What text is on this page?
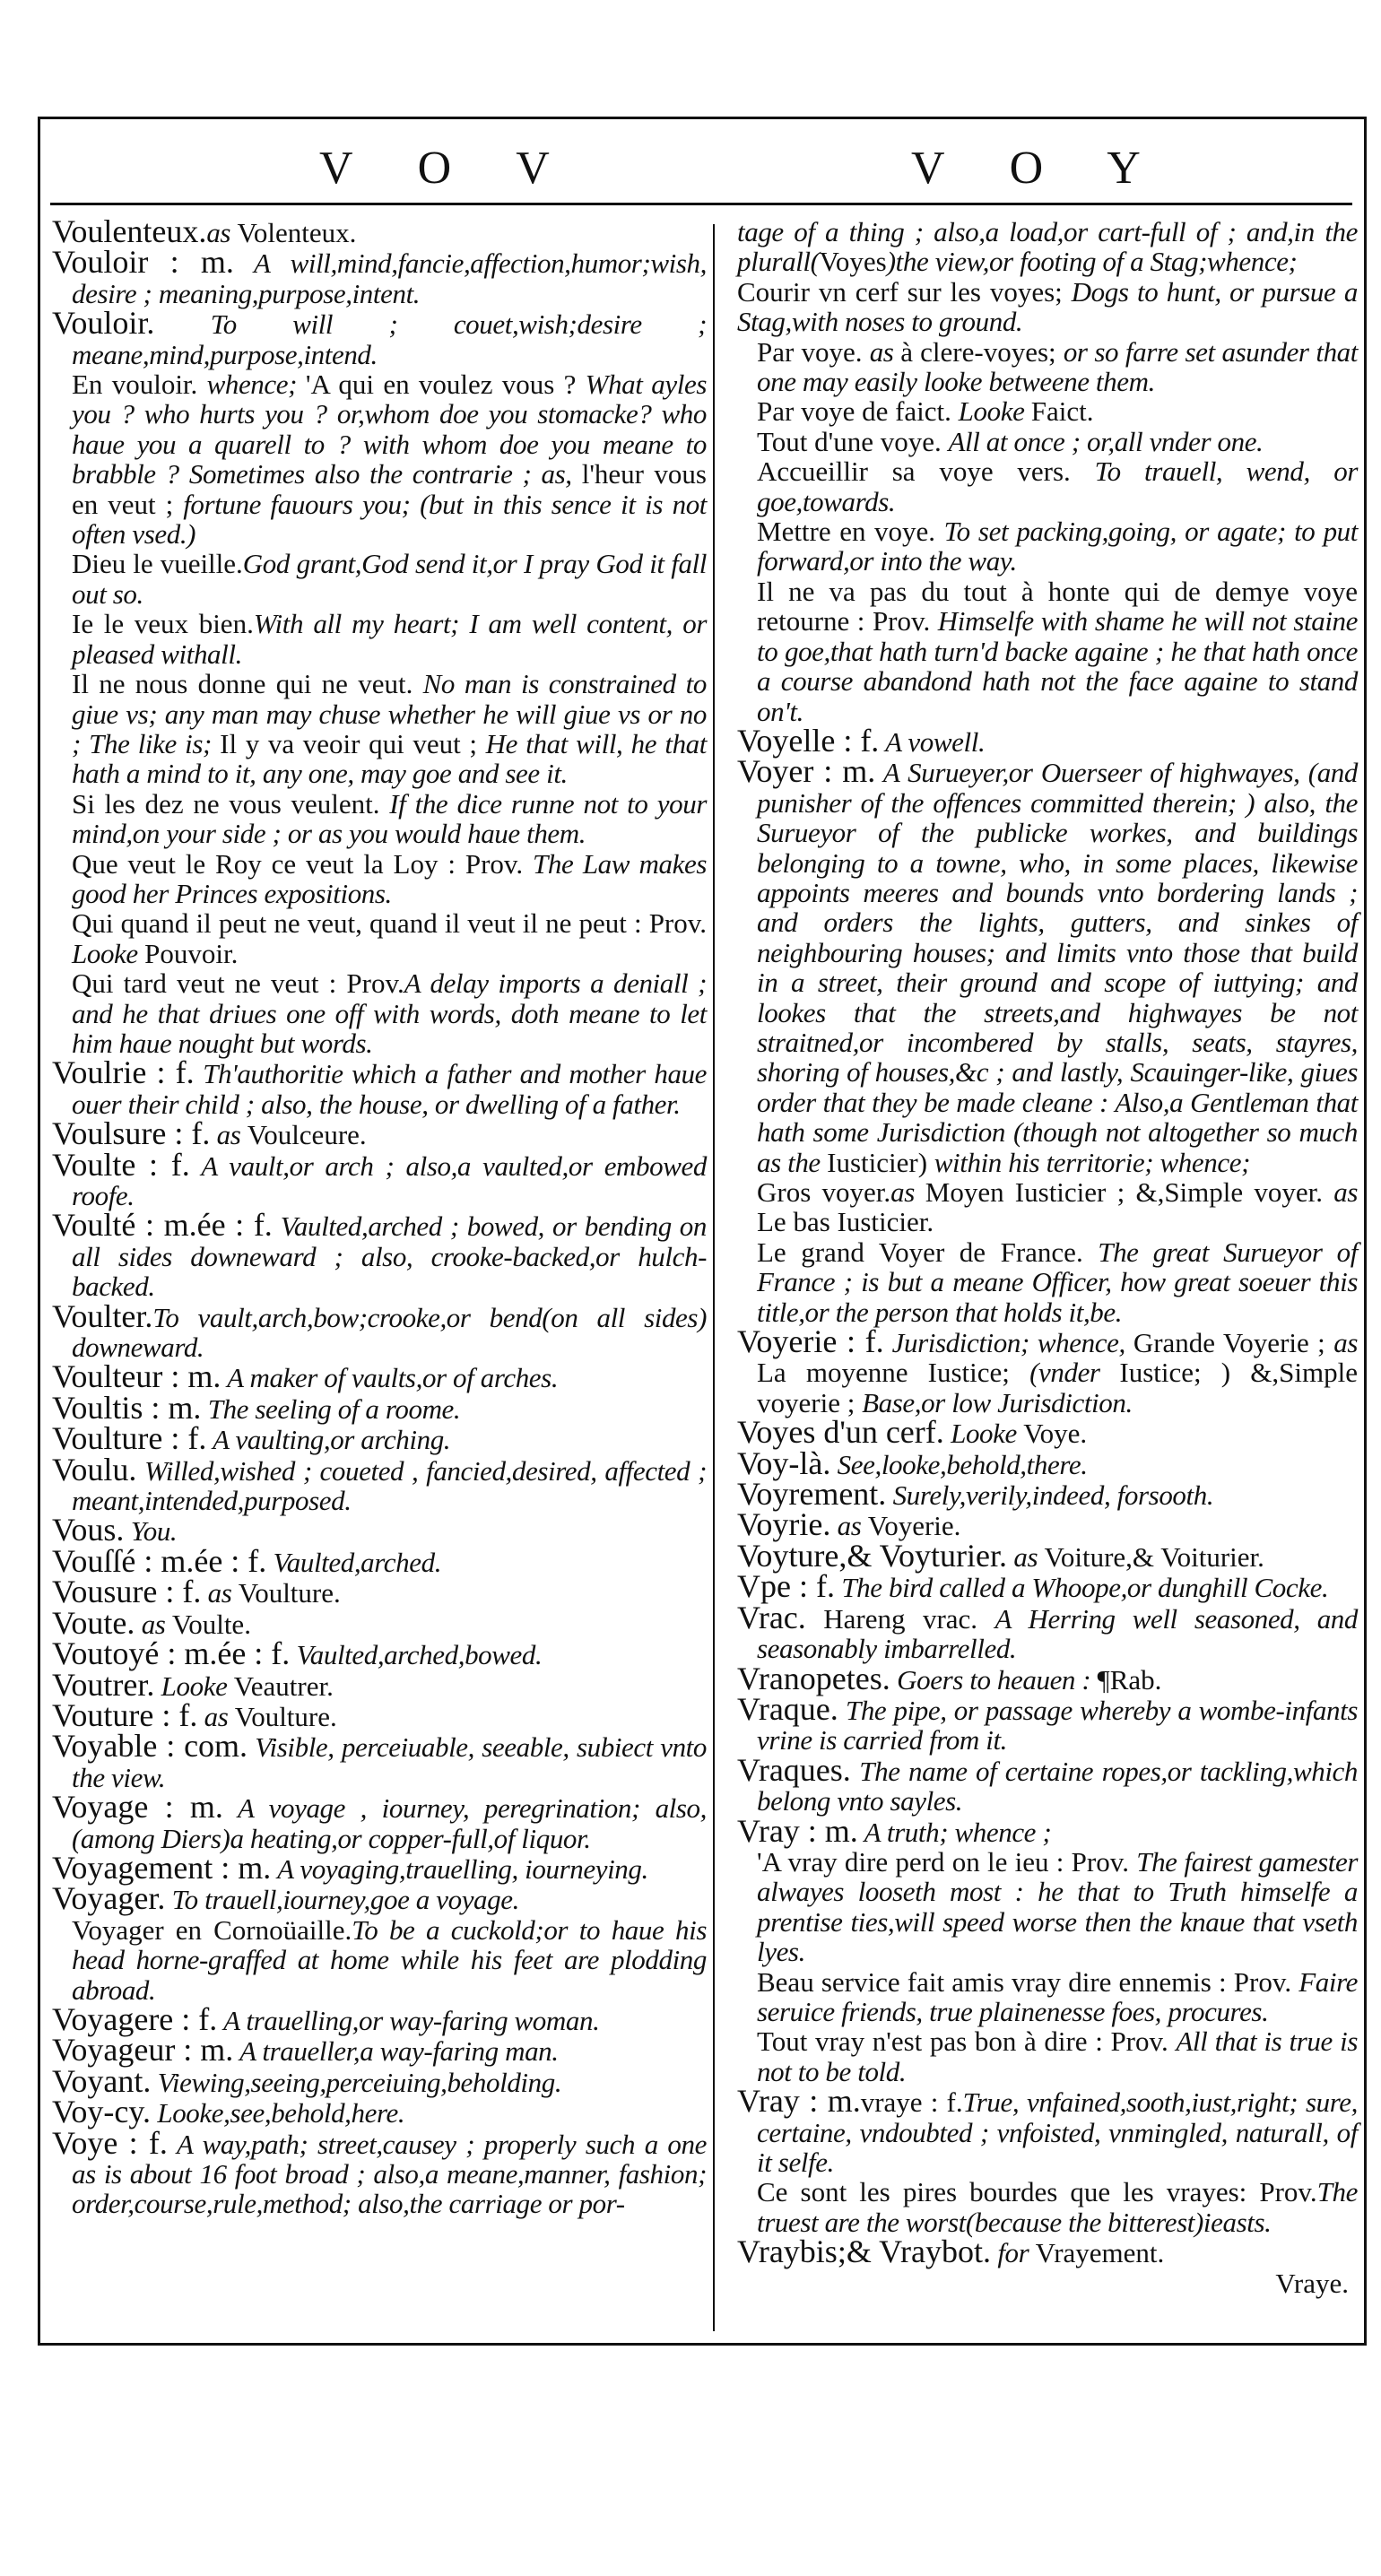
V O V	V O Y

Voulenteux.as Volenteux.

Vouloir : m. A will,mind,fancie,affection,humor;wish, desire ; meaning,purpose,intent.

Vouloir. To will ; couet,wish;desire ; meane,mind,purpose,intend.

En vouloir. whence; 'A qui en voulez vous ? What ayles you ? who hurts you ? or,whom doe you stomacke? who haue you a quarell to ? with whom doe you meane to brabble ? Sometimes also the contrarie ; as, l'heur vous en veut ; fortune fauours you; (but in this sence it is not often vsed.)

Dieu le vueille.God grant,God send it,or I pray God it fall out so.

Ie le veux bien.With all my heart; I am well content, or pleased withall.

Il ne nous donne qui ne veut. No man is constrained to giue vs; any man may chuse whether he will giue vs or no ; The like is; Il y va veoir qui veut ; He that will, he that hath a mind to it, any one, may goe and see it.

Si les dez ne vous veulent. If the dice runne not to your mind,on your side ; or as you would haue them.

Que veut le Roy ce veut la Loy : Prov. The Law makes good her Princes expositions.

Qui quand il peut ne veut, quand il veut il ne peut : Prov. Looke Pouvoir.

Qui tard veut ne veut : Prov.A delay imports a deniall ; and he that driues one off with words, doth meane to let him haue nought but words.

Voulrie : f. Th'authoritie which a father and mother haue ouer their child ; also, the house, or dwelling of a father.

Voulsure : f. as Voulceure.

Voulte : f. A vault,or arch ; also,a vaulted,or embowed roofe.

Voulté : m.ée : f. Vaulted,arched ; bowed, or bending on all sides downeward ; also, crooke-backed,or hulch-backed.

Voulter.To vault,arch,bow;crooke,or bend(on all sides) downeward.

Voulteur : m. A maker of vaults,or of arches.

Voultis : m. The seeling of a roome.

Voulture : f. A vaulting,or arching.

Voulu. Willed,wished ; coueted , fancied,desired, affected ; meant,intended,purposed.

Vous. You.

Vouſſé : m.ée : f. Vaulted,arched.

Vousure : f. as Voulture.

Voute. as Voulte.

Voutoyé : m.ée : f. Vaulted,arched,bowed.

Voutrer. Looke Veautrer.

Vouture : f. as Voulture.

Voyable : com. Visible, perceiuable, seeable, subiect vnto the view.

Voyage : m. A voyage , iourney, peregrination; also, (among Diers)a heating,or copper-full,of liquor.

Voyagement : m. A voyaging,trauelling, iourneying.

Voyager. To trauell,iourney,goe a voyage.

Voyager en Cornoüaille.To be a cuckold;or to haue his head horne-graffed at home while his feet are plodding abroad.

Voyagere : f. A trauelling,or way-faring woman.

Voyageur : m. A traueller,a way-faring man.

Voyant. Viewing,seeing,perceiuing,beholding.

Voy-cy. Looke,see,behold,here.

Voye : f. A way,path; street,causey ; properly such a one as is about 16 foot broad ; also,a meane,manner, fashion; order,course,rule,method; also,the carriage or por-

tage of a thing ; also,a load,or cart-full of ; and,in the plurall(Voyes)the view,or footing of a Stag;whence;

Courir vn cerf sur les voyes; Dogs to hunt, or pursue a Stag,with noses to ground.

Par voye. as à clere-voyes; or so farre set asunder that one may easily looke betweene them.

Par voye de faict. Looke Faict.

Tout d'une voye. All at once ; or,all vnder one.

Accueillir sa voye vers. To trauell, wend, or goe,towards.

Mettre en voye. To set packing,going, or agate; to put forward,or into the way.

Il ne va pas du tout à honte qui de demye voye retourne : Prov. Himselfe with shame he will not staine to goe,that hath turn'd backe againe ; he that hath once a course abandond hath not the face againe to stand on't.

Voyelle : f. A vowell.

Voyer : m. A Surueyer,or Ouerseer of highwayes, (and punisher of the offences committed therein; ) also, the Surueyor of the publicke workes, and buildings belonging to a towne, who, in some places, likewise appoints meeres and bounds vnto bordering lands ; and orders the lights, gutters, and sinkes of neighbouring houses; and limits vnto those that build in a street, their ground and scope of iuttying; and lookes that the streets,and highwayes be not straitned,or incombered by stalls, seats, stayres, shoring of houses,&c ; and lastly, Scauinger-like, giues order that they be made cleane : Also,a Gentleman that hath some Jurisdiction (though not altogether so much as the Iusticier) within his territorie; whence;

Gros voyer.as Moyen Iusticier ; &,Simple voyer. as Le bas Iusticier.

Le grand Voyer de France. The great Surueyor of France ; is but a meane Officer, how great soeuer this title,or the person that holds it,be.

Voyerie : f. Jurisdiction; whence, Grande Voyerie ; as La moyenne Iustice; (vnder Iustice; ) &,Simple voyerie ; Base,or low Jurisdiction.

Voyes d'un cerf. Looke Voye.

Voy-là. See,looke,behold,there.

Voyrement. Surely,verily,indeed, forsooth.

Voyrie. as Voyerie.

Voyture,& Voyturier. as Voiture,& Voiturier.

Vpe : f. The bird called a Whoope,or dunghill Cocke.

Vrac. Hareng vrac. A Herring well seasoned, and seasonably imbarrelled.

Vranopetes. Goers to heauen : ¶Rab.

Vraque. The pipe, or passage whereby a wombe-infants vrine is carried from it.

Vraques. The name of certaine ropes,or tackling,which belong vnto sayles.

Vray : m. A truth; whence ;

'A vray dire perd on le ieu : Prov. The fairest gamester alwayes looseth most : he that to Truth himselfe a prentise ties,will speed worse then the knaue that vseth lyes.

Beau service fait amis vray dire ennemis : Prov. Faire seruice friends, true plainenesse foes, procures.

Tout vray n'est pas bon à dire : Prov. All that is true is not to be told.

Vray : m.vraye : f.True, vnfained,sooth,iust,right; sure, certaine, vndoubted ; vnfoisted, vnmingled, naturall, of it selfe.

Ce sont les pires bourdes que les vrayes: Prov.The truest are the worst(because the bitterest)ieasts.

Vraybis;& Vraybot. for Vrayement.

Vraye.
